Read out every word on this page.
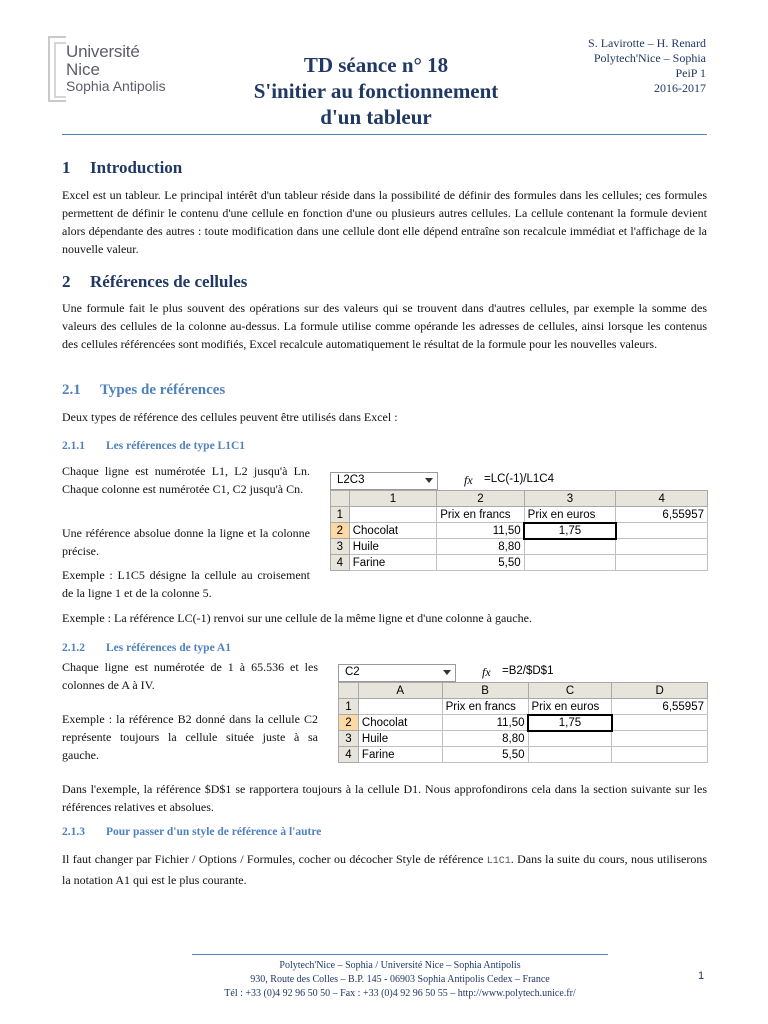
Université
Nice
Sophia Antipolis
TD séance n° 18
S'initier au fonctionnement
d'un tableur
S. Lavirotte – H. Renard
Polytech'Nice – Sophia
PeiP 1
2016-2017
1 Introduction
Excel est un tableur. Le principal intérêt d'un tableur réside dans la possibilité de définir des formules dans les cellules; ces formules permettent de définir le contenu d'une cellule en fonction d'une ou plusieurs autres cellules. La cellule contenant la formule devient alors dépendante des autres : toute modification dans une cellule dont elle dépend entraîne son recalcule immédiat et l'affichage de la nouvelle valeur.
2 Références de cellules
Une formule fait le plus souvent des opérations sur des valeurs qui se trouvent dans d'autres cellules, par exemple la somme des valeurs des cellules de la colonne au-dessus. La formule utilise comme opérande les adresses de cellules, ainsi lorsque les contenus des cellules référencées sont modifiés, Excel recalcule automatiquement le résultat de la formule pour les nouvelles valeurs.
2.1 Types de références
Deux types de référence des cellules peuvent être utilisés dans Excel :
2.1.1 Les références de type L1C1
Chaque ligne est numérotée L1, L2 jusqu'à Ln. Chaque colonne est numérotée C1, C2 jusqu'à Cn.
Une référence absolue donne la ligne et la colonne précise.
Exemple : L1C5 désigne la cellule au croisement de la ligne 1 et de la colonne 5.
Exemple : La référence LC(-1) renvoi sur une cellule de la même ligne et d'une colonne à gauche.
L2C3	fx =LC(-1)/L1C4
	1	2	3	4
1		Prix en francs	Prix en euros	6,55957
2	Chocolat	11,50	1,75	
3	Huile	8,80		
4	Farine	5,50		
2.1.2 Les références de type A1
Chaque ligne est numérotée de 1 à 65.536 et les colonnes de A à IV.
Exemple : la référence B2 donné dans la cellule C2 représente toujours la cellule située juste à sa gauche.
Dans l'exemple, la référence $D$1 se rapportera toujours à la cellule D1. Nous approfondirons cela dans la section suivante sur les références relatives et absolues.
C2	fx =B2/$D$1
	A	B	C	D
1		Prix en francs	Prix en euros	6,55957
2	Chocolat	11,50	1,75	
3	Huile	8,80		
4	Farine	5,50		
2.1.3 Pour passer d'un style de référence à l'autre
Il faut changer par Fichier / Options / Formules, cocher ou décocher Style de référence L1C1. Dans la suite du cours, nous utiliserons la notation A1 qui est le plus courante.
Polytech'Nice – Sophia / Université Nice – Sophia Antipolis
930, Route des Colles – B.P. 145 - 06903 Sophia Antipolis Cedex – France
Tél : +33 (0)4 92 96 50 50 – Fax : +33 (0)4 92 96 50 55 – http://www.polytech.unice.fr/
1
